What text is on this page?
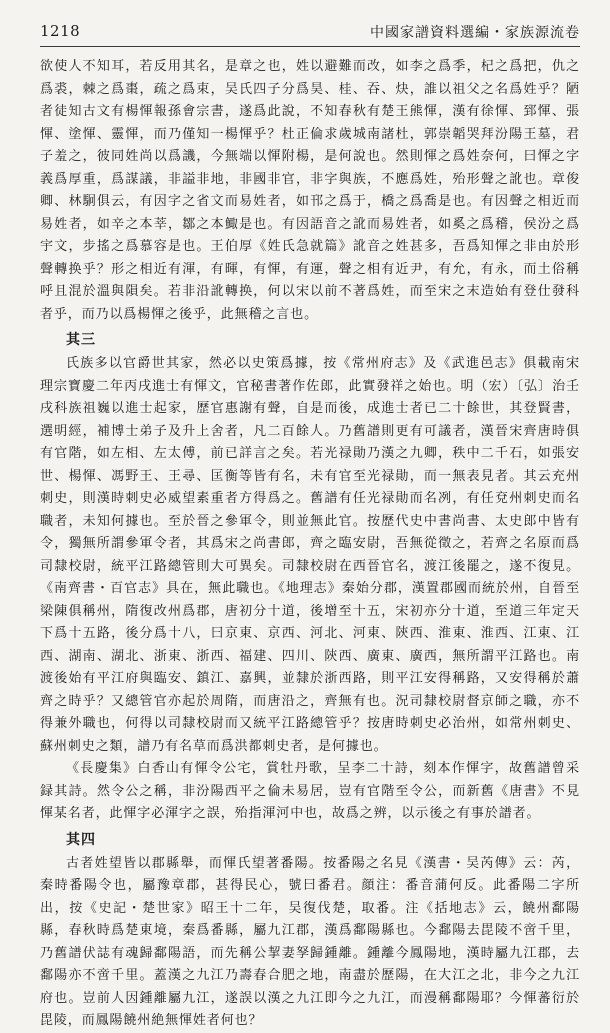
1218	中國家譜資料選編・家族源流卷

欲使人不知耳，若反用其名，是章之也，姓以避難而改，如李之爲季，杞之爲把，仇之爲裘，棘之爲棗，疏之爲束，吴氏四子分爲昊、桂、吞、炔，誰以祖父之名爲姓乎？陋者徒知古文有楊惲報孫會宗書，遂爲此說，不知春秋有楚王熊惲，漢有徐惲、郅惲、張惲、塗惲、靈惲，而乃僅知一楊惲乎？杜正倫求歲城南諸杜，郭崇韜哭拜汾陽王墓，君子羞之，彼同姓尚以爲譏，今無端以惲附楊，是何說也。然則惲之爲姓奈何，曰惲之字義爲厚重，爲謀議，非謚非地，非國非官，非字與族，不應爲姓，殆形聲之訛也。章俊卿、林駉俱云，有因字之省文而易姓者，如邗之爲于，橋之爲喬是也。有因聲之相近而易姓者，如辛之本莘，鄒之本鯫是也。有因語音之訛而易姓者，如奚之爲稽，侯汾之爲宇文，步搖之爲慕容是也。王伯厚《姓氏急就篇》訛音之姓甚多，吾爲知惲之非由於形聲轉换乎？形之相近有渾，有暉，有惲，有運，聲之相有近尹，有允，有永，而土俗稱呼且混於溫與隕矣。若非沿訛轉换，何以宋以前不著爲姓，而至宋之末造始有登仕發科者乎，而乃以爲楊惲之後乎，此無稽之言也。

其三

氏族多以官爵世其家，然必以史策爲據，按《常州府志》及《武進邑志》俱載南宋理宗寶慶二年丙戌進士有惲文，官秘書著作佐郎，此實發祥之始也。明（宏）〔弘〕治壬戌科族祖巍以進士起家，歷官惠謝有聲，自是而後，成進士者已二十餘世，其登賢書，選明經，補博士弟子及升上舍者，凡二百餘人。乃舊譜則更有可議者，漢晉宋齊唐時俱有官階，如左相、左太傅，前已詳言之矣。若光禄勛乃漢之九卿，秩中二千石，如張安世、楊惲、馮野王、王尋、匡衡等皆有名，未有官至光禄勛，而一無表見者。其云充州刺史，則漢時刺史必威望素重者方得爲之。舊譜有任光禄勛而名冽，有任兗州刺史而名職者，未知何據也。至於晉之參軍令，則並無此官。按歷代史中書尚書、太史郎中皆有令，獨無所謂參軍令者，其爲宋之尚書郎，齊之臨安尉，吾無從徵之，若齊之名原而爲司隸校尉，統平江路總管則大可異矣。司隸校尉在西晉官名，渡江後罷之，遂不復見。《南齊書・百官志》具在，無此職也。《地理志》秦始分郡，漢置郡國而統於州，自晉至梁陳俱稱州，隋復改州爲郡，唐初分十道，後增至十五，宋初亦分十道，至道三年定天下爲十五路，後分爲十八，曰京東、京西、河北、河東、陝西、淮東、淮西、江東、江西、湖南、湖北、浙東、浙西、福建、四川、陝西、廣東、廣西，無所謂平江路也。南渡後始有平江府與臨安、鎮江、嘉興，並隸於浙西路，則平江安得稱路，又安得稱於蕭齊之時乎？又總管官亦起於周隋，而唐沿之，齊無有也。況司隸校尉督京師之職，亦不得兼外職也，何得以司隸校尉而又統平江路總管乎？按唐時刺史必治州，如常州刺史、蘇州刺史之類，譜乃有名草而爲洪都刺史者，是何據也。

《長慶集》白香山有惲令公宅，賞牡丹歌，呈李二十詩，刻本作惲字，故舊譜曾采録其詩。然令公之稱，非汾陽西平之倫未易居，豈有官階至令公，而新舊《唐書》不見惲某名者，此惲字必渾字之誤，殆指渾河中也，故爲之辨，以示後之有事於譜者。

其四

古者姓望皆以郡縣舉，而惲氏望著番陽。按番陽之名見《漢書・吴芮傳》云：芮，秦時番陽令也，屬豫章郡，甚得民心，號曰番君。顔注：番音蒲何反。此番陽二字所出，按《史記・楚世家》昭王十二年，吴復伐楚，取番。注《括地志》云，饒州鄱陽縣，春秋時爲楚東境，秦爲番縣，屬九江郡，漢爲鄱陽縣也。今鄱陽去毘陵不啻千里，乃舊譜伏誌有魂歸鄱陽語，而先稱公挈妻孥歸鍾離。鍾離今鳳陽地，漢時屬九江郡，去鄱陽亦不啻千里。蓋漢之九江乃壽春合肥之地，南盡於歷陽，在大江之北，非今之九江府也。豈前人因鍾離屬九江，遂誤以漢之九江即今之九江，而漫稱鄱陽耶？今惲蕃衍於毘陵，而鳳陽饒州絶無惲姓者何也？
